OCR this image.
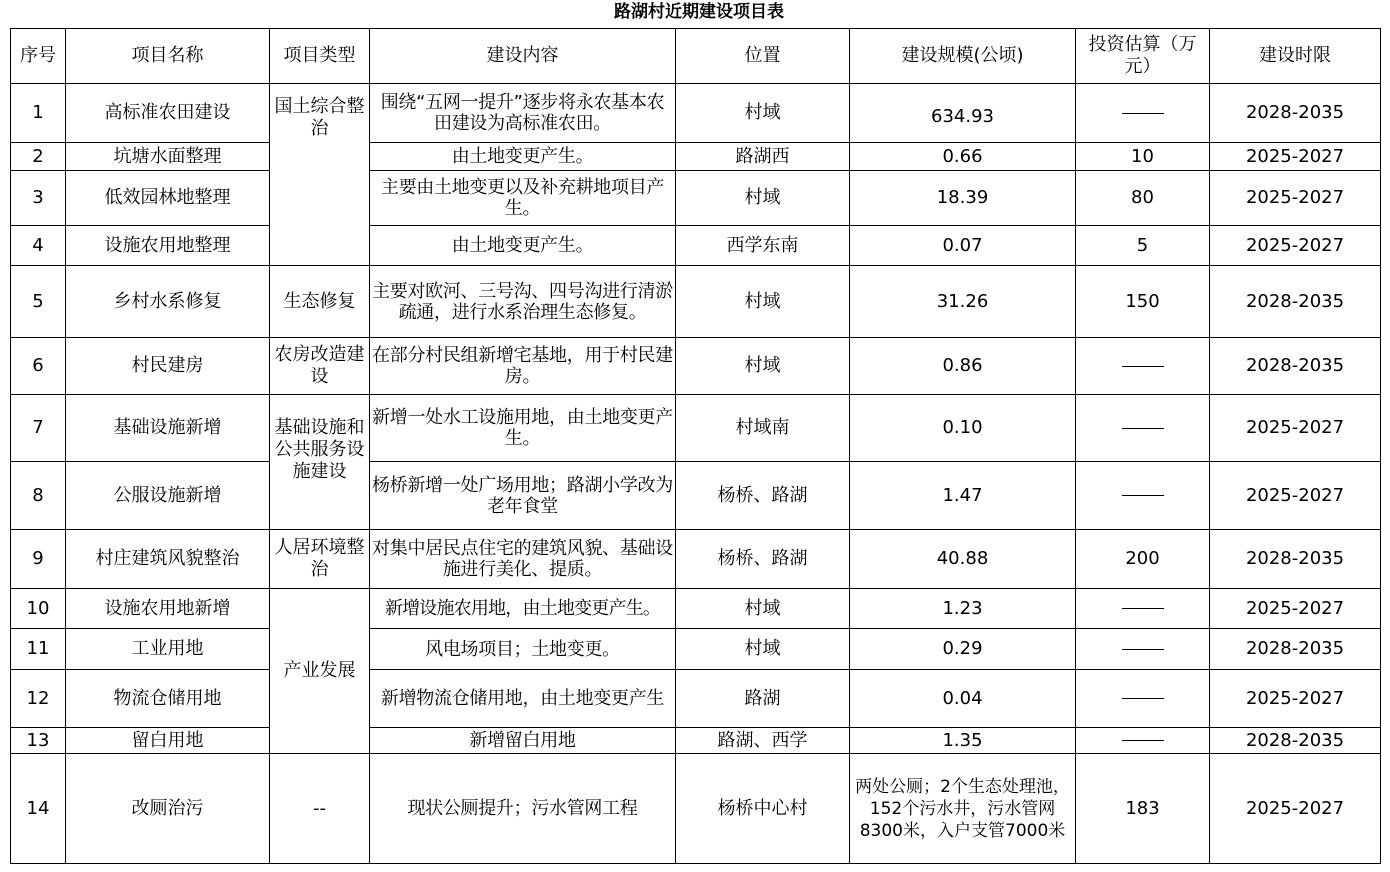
路湖村近期建设项目表
序号	项目名称	项目类型	建设内容	位置	建设规模(公顷)	投资估算（万元）	建设时限
1	高标准农田建设	国土综合整治	围绕“五网一提升”逐步将永农基本农田建设为高标准农田。	村域	634.93		2028-2035
2	坑塘水面整理		由土地变更产生。	路湖西	0.66	10	2025-2027
3	低效园林地整理		主要由土地变更以及补充耕地项目产生。	村域	18.39	80	2025-2027
4	设施农用地整理		由土地变更产生。	西学东南	0.07	5	2025-2027
5	乡村水系修复	生态修复	主要对欧河、三号沟、四号沟进行清淤疏通，进行水系治理生态修复。	村域	31.26	150	2028-2035
6	村民建房	农房改造建设	在部分村民组新增宅基地，用于村民建房。	村域	0.86		2028-2035
7	基础设施新增	基础设施和公共服务设施建设	新增一处水工设施用地，由土地变更产生。	村域南	0.10		2025-2027
8	公服设施新增		杨桥新增一处广场用地；路湖小学改为老年食堂	杨桥、路湖	1.47		2025-2027
9	村庄建筑风貌整治	人居环境整治	对集中居民点住宅的建筑风貌、基础设施进行美化、提质。	杨桥、路湖	40.88	200	2028-2035
10	设施农用地新增	产业发展	新增设施农用地，由土地变更产生。	村域	1.23		2025-2027
11	工业用地		风电场项目；土地变更。	村域	0.29		2028-2035
12	物流仓储用地		新增物流仓储用地，由土地变更产生	路湖	0.04		2025-2027
13	留白用地		新增留白用地	路湖、西学	1.35		2028-2035
14	改厕治污	--	现状公厕提升；污水管网工程	杨桥中心村	两处公厕；2个生态处理池，152个污水井，污水管网8300米，入户支管7000米	183	2025-2027
